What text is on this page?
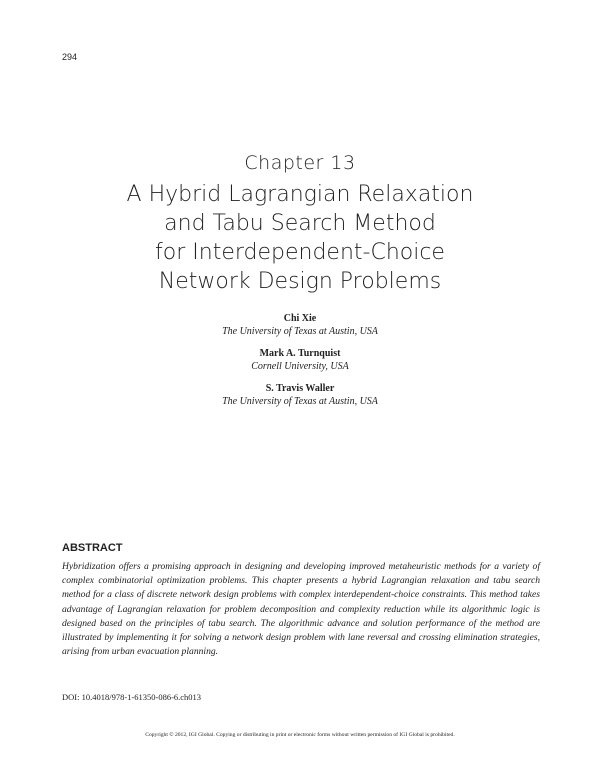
294
Chapter 13
A Hybrid Lagrangian Relaxation
and Tabu Search Method
for Interdependent-Choice
Network Design Problems
Chi Xie
The University of Texas at Austin, USA
Mark A. Turnquist
Cornell University, USA
S. Travis Waller
The University of Texas at Austin, USA
ABSTRACT
Hybridization offers a promising approach in designing and developing improved metaheuristic methods for a variety of complex combinatorial optimization problems. This chapter presents a hybrid Lagrangian relaxation and tabu search method for a class of discrete network design problems with complex interdependent-choice constraints. This method takes advantage of Lagrangian relaxation for problem decomposition and complexity reduction while its algorithmic logic is designed based on the principles of tabu search. The algorithmic advance and solution performance of the method are illustrated by implementing it for solving a network design problem with lane reversal and crossing elimination strategies, arising from urban evacuation planning.
DOI: 10.4018/978-1-61350-086-6.ch013
Copyright © 2012, IGI Global. Copying or distributing in print or electronic forms without written permission of IGI Global is prohibited.
